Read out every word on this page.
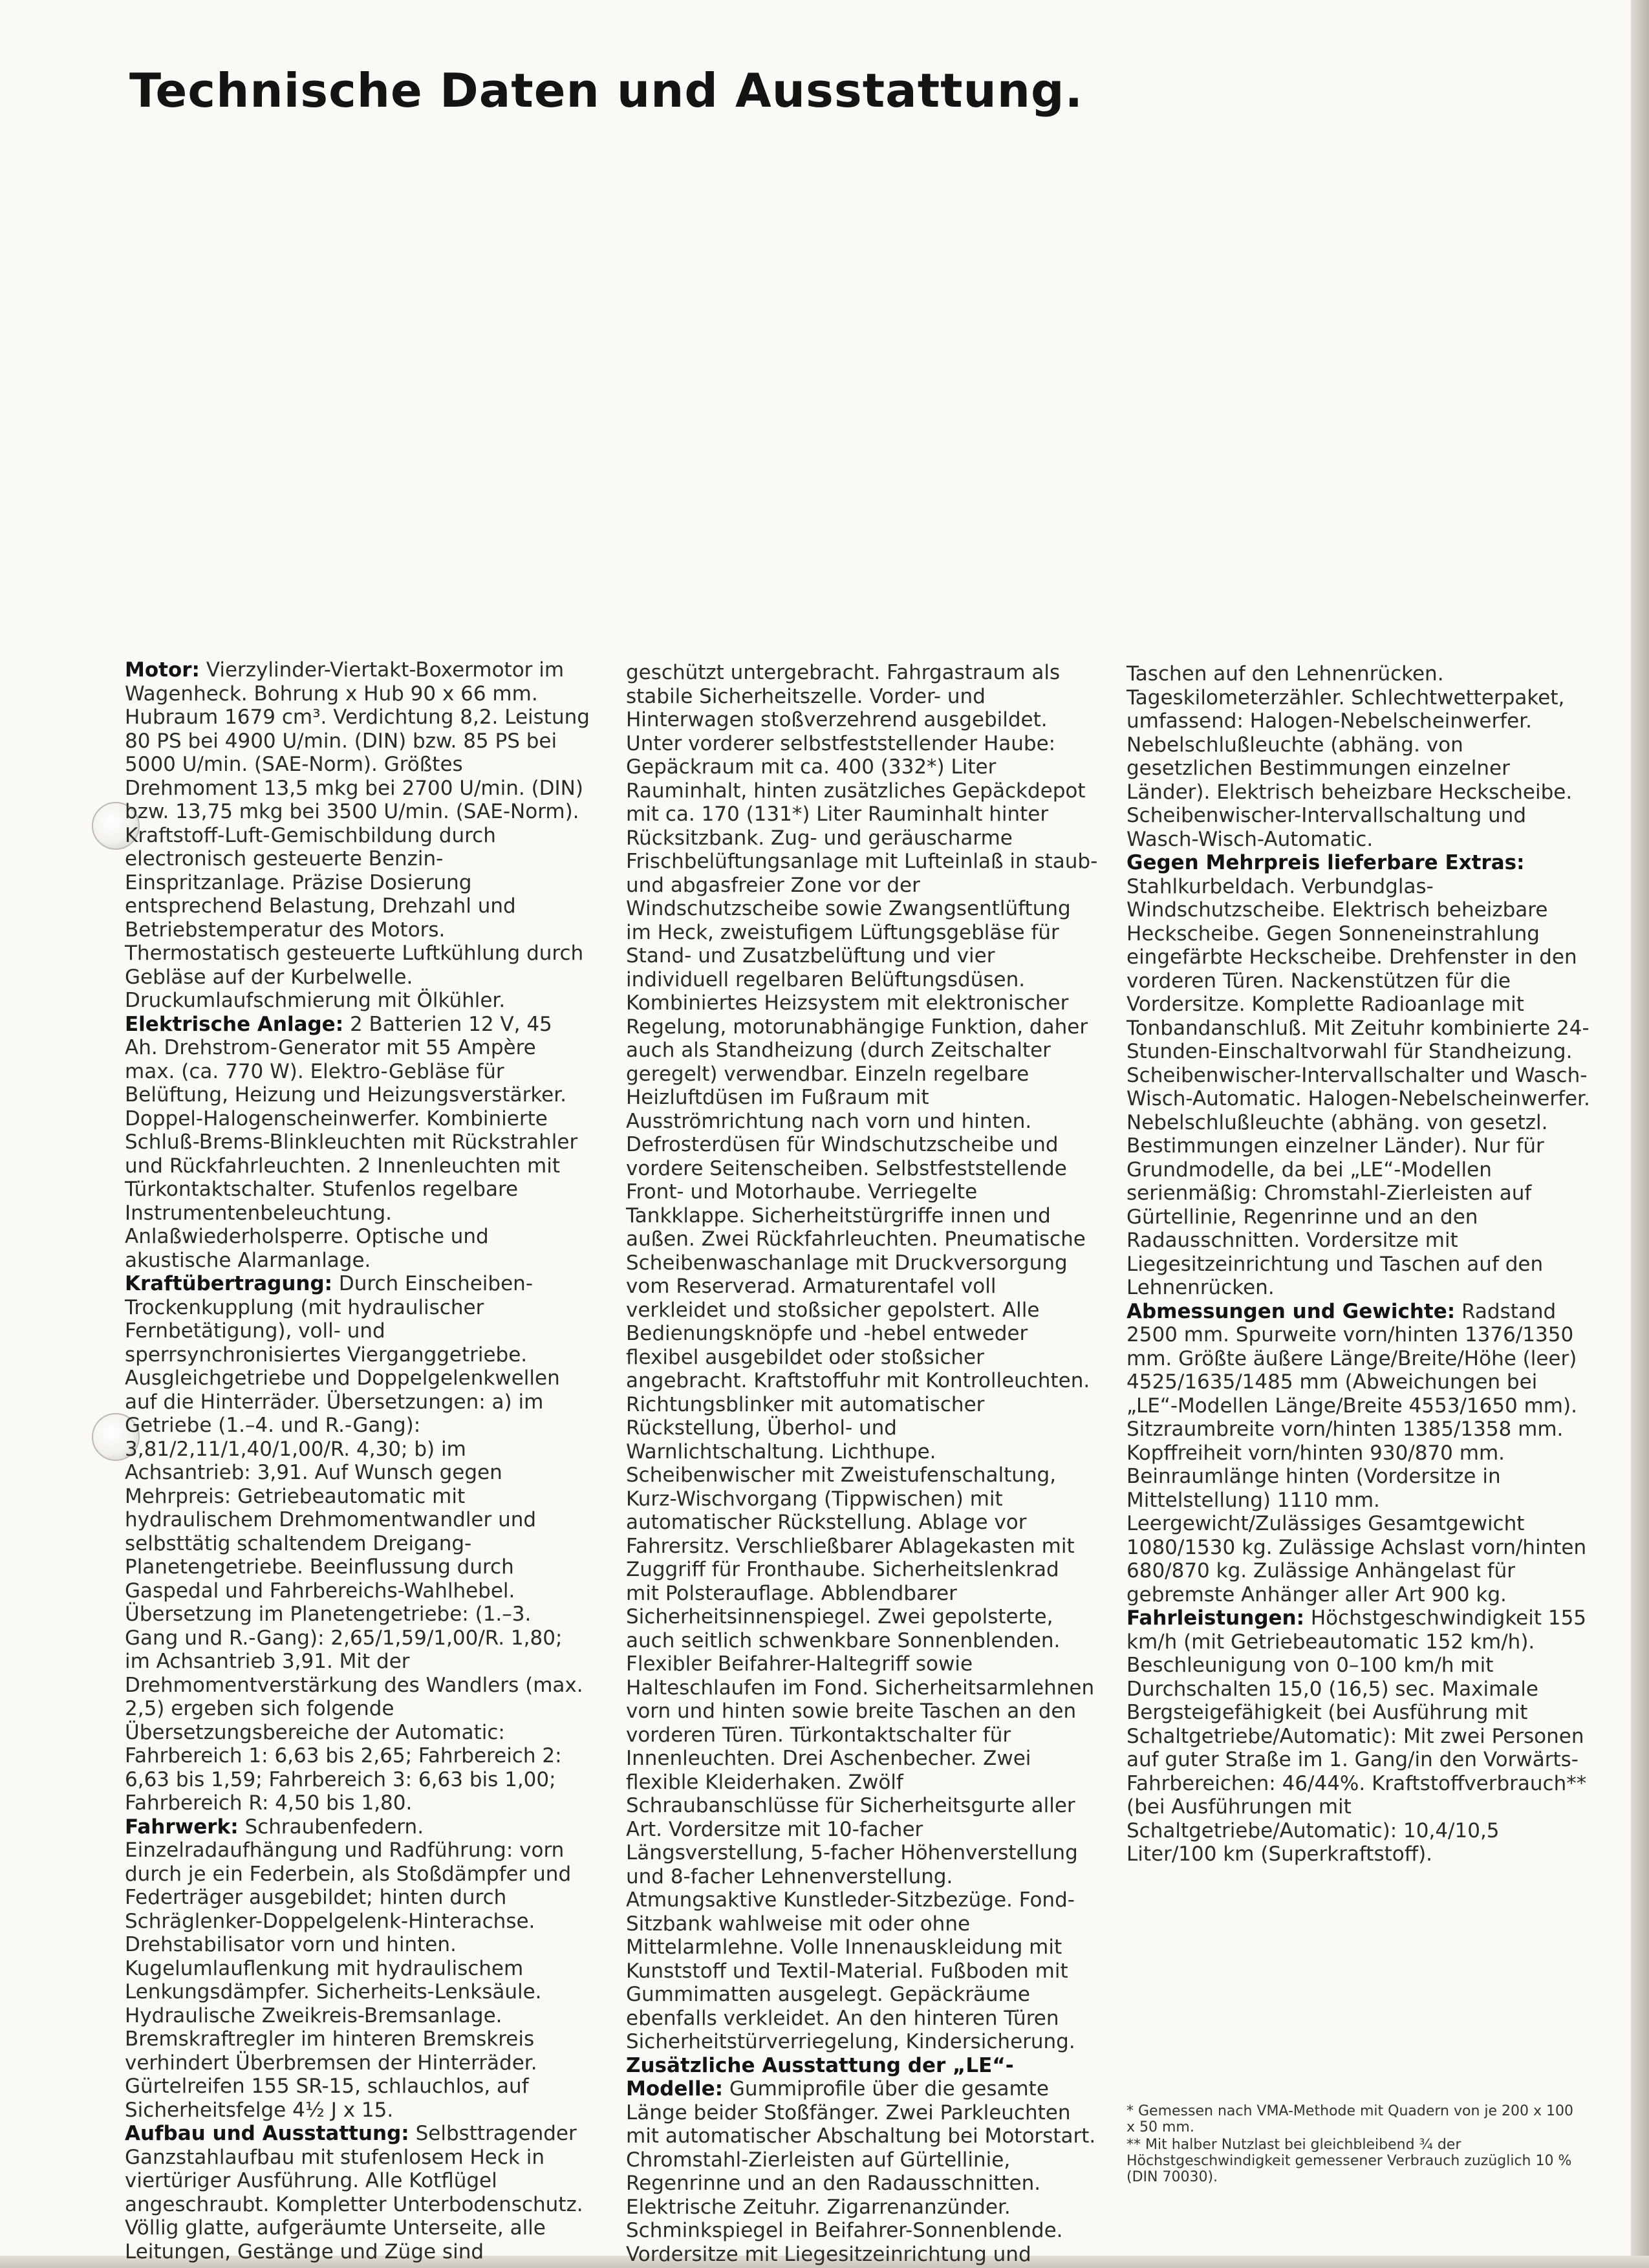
Technische Daten und Ausstattung.

Motor: Vierzylinder-Viertakt-Boxermotor im Wagenheck. Bohrung x Hub 90 x 66 mm. Hubraum 1679 cm³. Verdichtung 8,2. Leistung 80 PS bei 4900 U/min. (DIN) bzw. 85 PS bei 5000 U/min. (SAE-Norm). Größtes Drehmoment 13,5 mkg bei 2700 U/min. (DIN) bzw. 13,75 mkg bei 3500 U/min. (SAE-Norm). Kraftstoff-Luft-Gemischbildung durch electronisch gesteuerte Benzin-Einspritzanlage. Präzise Dosierung entsprechend Belastung, Drehzahl und Betriebstemperatur des Motors. Thermostatisch gesteuerte Luftkühlung durch Gebläse auf der Kurbelwelle. Druckumlaufschmierung mit Ölkühler.

Elektrische Anlage: 2 Batterien 12 V, 45 Ah. Drehstrom-Generator mit 55 Ampère max. (ca. 770 W). Elektro-Gebläse für Belüftung, Heizung und Heizungsverstärker. Doppel-Halogenscheinwerfer. Kombinierte Schluß-Brems-Blinkleuchten mit Rückstrahler und Rückfahrleuchten. 2 Innenleuchten mit Türkontaktschalter. Stufenlos regelbare Instrumentenbeleuchtung. Anlaßwiederholsperre. Optische und akustische Alarmanlage.

Kraftübertragung: Durch Einscheiben-Trockenkupplung (mit hydraulischer Fernbetätigung), voll- und sperrsynchronisiertes Vierganggetriebe. Ausgleichgetriebe und Doppelgelenkwellen auf die Hinterräder. Übersetzungen: a) im Getriebe (1.–4. und R.-Gang): 3,81/2,11/1,40/1,00/R. 4,30; b) im Achsantrieb: 3,91. Auf Wunsch gegen Mehrpreis: Getriebeautomatic mit hydraulischem Drehmomentwandler und selbsttätig schaltendem Dreigang-Planetengetriebe. Beeinflussung durch Gaspedal und Fahrbereichs-Wahlhebel. Übersetzung im Planetengetriebe: (1.–3. Gang und R.-Gang): 2,65/1,59/1,00/R. 1,80; im Achsantrieb 3,91. Mit der Drehmomentverstärkung des Wandlers (max. 2,5) ergeben sich folgende Übersetzungsbereiche der Automatic: Fahrbereich 1: 6,63 bis 2,65; Fahrbereich 2: 6,63 bis 1,59; Fahrbereich 3: 6,63 bis 1,00; Fahrbereich R: 4,50 bis 1,80.

Fahrwerk: Schraubenfedern. Einzelradaufhängung und Radführung: vorn durch je ein Federbein, als Stoßdämpfer und Federträger ausgebildet; hinten durch Schräglenker-Doppelgelenk-Hinterachse. Drehstabilisator vorn und hinten. Kugelumlauflenkung mit hydraulischem Lenkungsdämpfer. Sicherheits-Lenksäule. Hydraulische Zweikreis-Bremsanlage. Bremskraftregler im hinteren Bremskreis verhindert Überbremsen der Hinterräder. Gürtelreifen 155 SR-15, schlauchlos, auf Sicherheitsfelge 4½ J x 15.

Aufbau und Ausstattung: Selbsttragender Ganzstahlaufbau mit stufenlosem Heck in viertüriger Ausführung. Alle Kotflügel angeschraubt. Kompletter Unterbodenschutz. Völlig glatte, aufgeräumte Unterseite, alle Leitungen, Gestänge und Züge sind

geschützt untergebracht. Fahrgastraum als stabile Sicherheitszelle. Vorder- und Hinterwagen stoßverzehrend ausgebildet. Unter vorderer selbstfeststellender Haube: Gepäckraum mit ca. 400 (332*) Liter Rauminhalt, hinten zusätzliches Gepäckdepot mit ca. 170 (131*) Liter Rauminhalt hinter Rücksitzbank. Zug- und geräuscharme Frischbelüftungsanlage mit Lufteinlaß in staub- und abgasfreier Zone vor der Windschutzscheibe sowie Zwangsentlüftung im Heck, zweistufigem Lüftungsgebläse für Stand- und Zusatzbelüftung und vier individuell regelbaren Belüftungsdüsen. Kombiniertes Heizsystem mit elektronischer Regelung, motorunabhängige Funktion, daher auch als Standheizung (durch Zeitschalter geregelt) verwendbar. Einzeln regelbare Heizluftdüsen im Fußraum mit Ausströmrichtung nach vorn und hinten. Defrosterdüsen für Windschutzscheibe und vordere Seitenscheiben. Selbstfeststellende Front- und Motorhaube. Verriegelte Tankklappe. Sicherheitstürgriffe innen und außen. Zwei Rückfahrleuchten. Pneumatische Scheibenwaschanlage mit Druckversorgung vom Reserverad. Armaturentafel voll verkleidet und stoßsicher gepolstert. Alle Bedienungsknöpfe und -hebel entweder flexibel ausgebildet oder stoßsicher angebracht. Kraftstoffuhr mit Kontrolleuchten. Richtungsblinker mit automatischer Rückstellung, Überhol- und Warnlichtschaltung. Lichthupe. Scheibenwischer mit Zweistufenschaltung, Kurz-Wischvorgang (Tippwischen) mit automatischer Rückstellung. Ablage vor Fahrersitz. Verschließbarer Ablagekasten mit Zuggriff für Fronthaube. Sicherheitslenkrad mit Polsterauflage. Abblendbarer Sicherheitsinnenspiegel. Zwei gepolsterte, auch seitlich schwenkbare Sonnenblenden. Flexibler Beifahrer-Haltegriff sowie Halteschlaufen im Fond. Sicherheitsarmlehnen vorn und hinten sowie breite Taschen an den vorderen Türen. Türkontaktschalter für Innenleuchten. Drei Aschenbecher. Zwei flexible Kleiderhaken. Zwölf Schraubanschlüsse für Sicherheitsgurte aller Art. Vordersitze mit 10-facher Längsverstellung, 5-facher Höhenverstellung und 8-facher Lehnenverstellung. Atmungsaktive Kunstleder-Sitzbezüge. Fond-Sitzbank wahlweise mit oder ohne Mittelarmlehne. Volle Innenauskleidung mit Kunststoff und Textil-Material. Fußboden mit Gummimatten ausgelegt. Gepäckräume ebenfalls verkleidet. An den hinteren Türen Sicherheitstürverriegelung, Kindersicherung.

Zusätzliche Ausstattung der „LE“-Modelle: Gummiprofile über die gesamte Länge beider Stoßfänger. Zwei Parkleuchten mit automatischer Abschaltung bei Motorstart. Chromstahl-Zierleisten auf Gürtellinie, Regenrinne und an den Radausschnitten. Elektrische Zeituhr. Zigarrenanzünder. Schminkspiegel in Beifahrer-Sonnenblende. Vordersitze mit Liegesitzeinrichtung und

Taschen auf den Lehnenrücken. Tageskilometerzähler. Schlechtwetterpaket, umfassend: Halogen-Nebelscheinwerfer. Nebelschlußleuchte (abhäng. von gesetzlichen Bestimmungen einzelner Länder). Elektrisch beheizbare Heckscheibe. Scheibenwischer-Intervallschaltung und Wasch-Wisch-Automatic.

Gegen Mehrpreis lieferbare Extras: Stahlkurbeldach. Verbundglas-Windschutzscheibe. Elektrisch beheizbare Heckscheibe. Gegen Sonneneinstrahlung eingefärbte Heckscheibe. Drehfenster in den vorderen Türen. Nackenstützen für die Vordersitze. Komplette Radioanlage mit Tonbandanschluß. Mit Zeituhr kombinierte 24-Stunden-Einschaltvorwahl für Standheizung. Scheibenwischer-Intervallschalter und Wasch-Wisch-Automatic. Halogen-Nebelscheinwerfer. Nebelschlußleuchte (abhäng. von gesetzl. Bestimmungen einzelner Länder). Nur für Grundmodelle, da bei „LE“-Modellen serienmäßig: Chromstahl-Zierleisten auf Gürtellinie, Regenrinne und an den Radausschnitten. Vordersitze mit Liegesitzeinrichtung und Taschen auf den Lehnenrücken.

Abmessungen und Gewichte: Radstand 2500 mm. Spurweite vorn/hinten 1376/1350 mm. Größte äußere Länge/Breite/Höhe (leer) 4525/1635/1485 mm (Abweichungen bei „LE“-Modellen Länge/Breite 4553/1650 mm). Sitzraumbreite vorn/hinten 1385/1358 mm. Kopffreiheit vorn/hinten 930/870 mm. Beinraumlänge hinten (Vordersitze in Mittelstellung) 1110 mm. Leergewicht/Zulässiges Gesamtgewicht 1080/1530 kg. Zulässige Achslast vorn/hinten 680/870 kg. Zulässige Anhängelast für gebremste Anhänger aller Art 900 kg.

Fahrleistungen: Höchstgeschwindigkeit 155 km/h (mit Getriebeautomatic 152 km/h). Beschleunigung von 0–100 km/h mit Durchschalten 15,0 (16,5) sec. Maximale Bergsteigefähigkeit (bei Ausführung mit Schaltgetriebe/Automatic): Mit zwei Personen auf guter Straße im 1. Gang/in den Vorwärts-Fahrbereichen: 46/44%. Kraftstoffverbrauch** (bei Ausführungen mit Schaltgetriebe/Automatic): 10,4/10,5 Liter/100 km (Superkraftstoff).

* Gemessen nach VMA-Methode mit Quadern von je 200 x 100 x 50 mm.

** Mit halber Nutzlast bei gleichbleibend ¾ der Höchstgeschwindigkeit gemessener Verbrauch zuzüglich 10 % (DIN 70030).
